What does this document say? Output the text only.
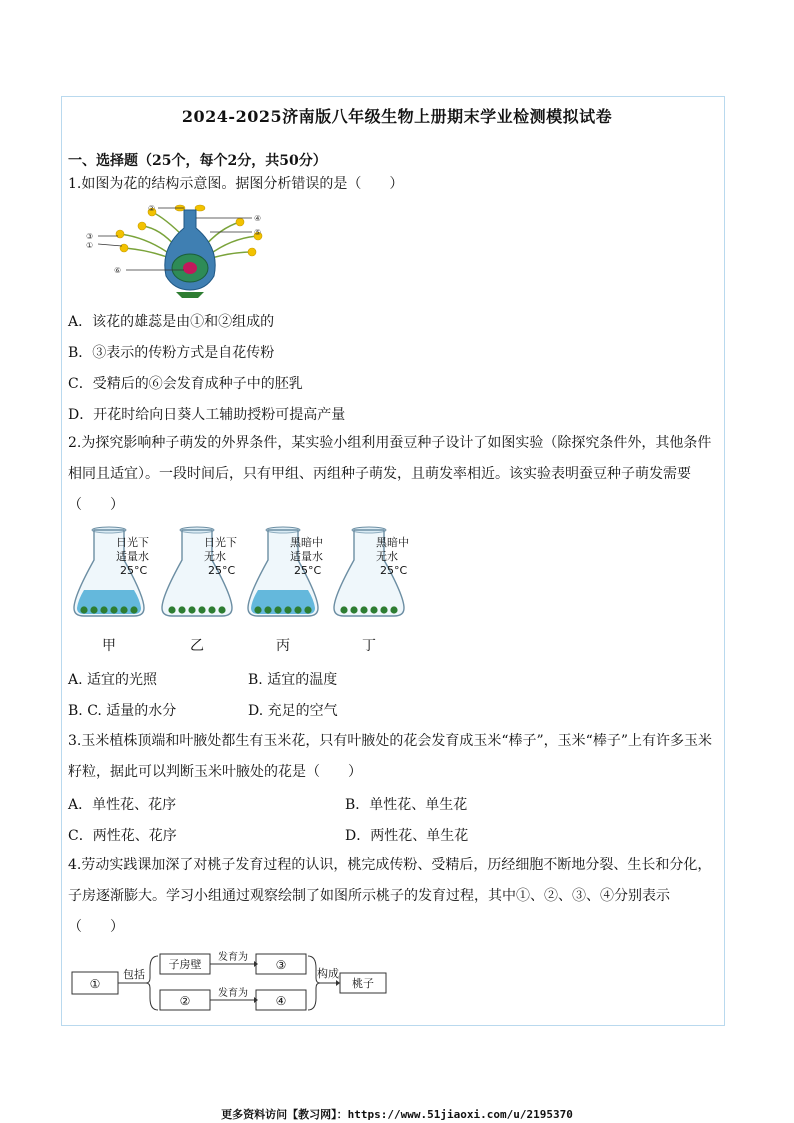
2024-2025济南版八年级生物上册期末学业检测模拟试卷
一、选择题（25个，每个2分，共50分）
1.如图为花的结构示意图。据图分析错误的是（　　）
②
④
⑤
③
①
⑥
A．该花的雄蕊是由①和②组成的
B．③表示的传粉方式是自花传粉
C．受精后的⑥会发育成种子中的胚乳
D．开花时给向日葵人工辅助授粉可提高产量
2.为探究影响种子萌发的外界条件，某实验小组利用蚕豆种子设计了如图实验（除探究条件外，其他条件相同且适宜）。一段时间后，只有甲组、丙组种子萌发，且萌发率相近。该实验表明蚕豆种子萌发需要（　　）
日光下
适量水
25°C
甲
日光下
无水
25°C
乙
黑暗中
适量水
25°C
丙
黑暗中
无水
25°C
丁
A. 适宜的光照	B. 适宜的温度
B. C. 适量的水分	D. 充足的空气
3.玉米植株顶端和叶腋处都生有玉米花，只有叶腋处的花会发育成玉米“棒子”，玉米“棒子”上有许多玉米籽粒，据此可以判断玉米叶腋处的花是（　　）
A．单性花、花序	B．单性花、单生花
C．两性花、花序	D．两性花、单生花
4.劳动实践课加深了对桃子发育过程的认识，桃完成传粉、受精后，历经细胞不断地分裂、生长和分化，子房逐渐膨大。学习小组通过观察绘制了如图所示桃子的发育过程，其中①、②、③、④分别表示（　　）
①
包括
子房壁
②
发育为
发育为
③
④
构成
桃子
更多资料访问【教习网】：https://www.51jiaoxi.com/u/2195370
